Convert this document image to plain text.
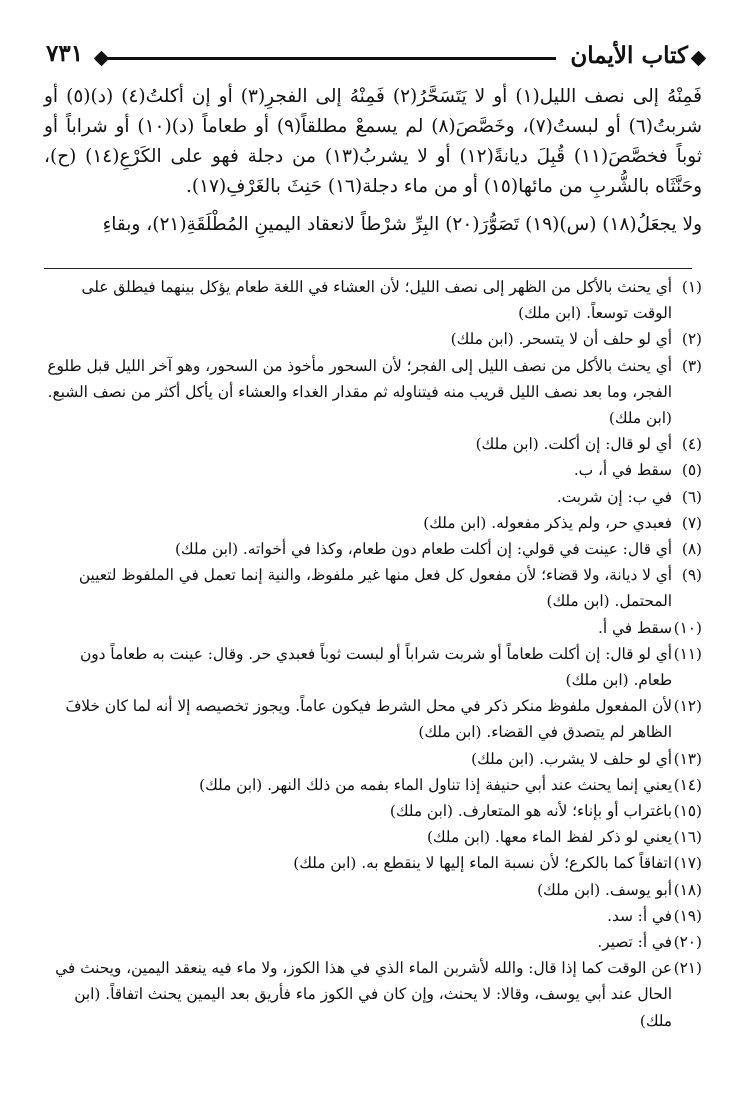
كتاب الأيمان
٧٣١

فَمِنْهُ إلى نصف الليل(١) أو لا يَتَسَحَّرُ(٢) فَمِنْهُ إلى الفجرِ(٣) أو إن أكلتُ(٤) (د)(٥) أو شربتُ(٦) أو لبستُ(٧)، وخَصَّصَ(٨) لم يسمعْ مطلقاً(٩) أو طعاماً (د)(١٠) أو شراباً أو ثوباً فخصَّصَ(١١) قُبِلَ ديانةً(١٢) أو لا يشربُ(١٣) من دجلة فهو على الكَرْعِ(١٤) (ح)، وحَنَّثَاه بالشُّربِ من مائها(١٥) أو من ماء دجلة(١٦) حَنِثَ بالغَرْفِ(١٧).

ولا يجعَلُ(١٨) (س)(١٩) تَصَوُّرَ(٢٠) البِرِّ شرْطاً لانعقاد اليمينِ المُطْلَقَةِ(٢١)، وبقاءِ

(١)
أي يحنث بالأكل من الظهر إلى نصف الليل؛ لأن العشاء في اللغة طعام يؤكل بينهما فيطلق على الوقت توسعاً. (ابن ملك)
(٢)
أي لو حلف أن لا يتسحر. (ابن ملك)
(٣)
أي يحنث بالأكل من نصف الليل إلى الفجر؛ لأن السحور مأخوذ من السحور، وهو آخر الليل قبل طلوع الفجر، وما بعد نصف الليل قريب منه فيتناوله ثم مقدار الغداء والعشاء أن يأكل أكثر من نصف الشبع. (ابن ملك)
(٤)
أي لو قال: إن أكلت. (ابن ملك)
(٥)
سقط في أ، ب.
(٦)
في ب: إن شربت.
(٧)
فعبدي حر، ولم يذكر مفعوله. (ابن ملك)
(٨)
أي قال: عينت في قولي: إن أكلت طعام دون طعام، وكذا في أخواته. (ابن ملك)
(٩)
أي لا ديانة، ولا قضاء؛ لأن مفعول كل فعل منها غير ملفوظ، والنية إنما تعمل في الملفوظ لتعيين المحتمل. (ابن ملك)
(١٠)
سقط في أ.
(١١)
أي لو قال: إن أكلت طعاماً أو شربت شراباً أو لبست ثوباً فعبدي حر. وقال: عينت به طعاماً دون طعام. (ابن ملك)
(١٢)
لأن المفعول ملفوظ منكر ذكر في محل الشرط فيكون عاماً. ويجوز تخصيصه إلا أنه لما كان خلافَ الظاهر لم يتصدق في القضاء. (ابن ملك)
(١٣)
أي لو حلف لا يشرب. (ابن ملك)
(١٤)
يعني إنما يحنث عند أبي حنيفة إذا تناول الماء بفمه من ذلك النهر. (ابن ملك)
(١٥)
باغتراب أو بإناء؛ لأنه هو المتعارف. (ابن ملك)
(١٦)
يعني لو ذكر لفظ الماء معها. (ابن ملك)
(١٧)
اتفاقاً كما بالكرع؛ لأن نسبة الماء إليها لا ينقطع به. (ابن ملك)
(١٨)
أبو يوسف. (ابن ملك)
(١٩)
في أ: سد.
(٢٠)
في أ: تصير.
(٢١)
عن الوقت كما إذا قال: والله لأشربن الماء الذي في هذا الكوز، ولا ماء فيه ينعقد اليمين، ويحنث في الحال عند أبي يوسف، وقالا: لا يحنث، وإن كان في الكوز ماء فأريق بعد اليمين يحنث اتفاقاً. (ابن ملك)
